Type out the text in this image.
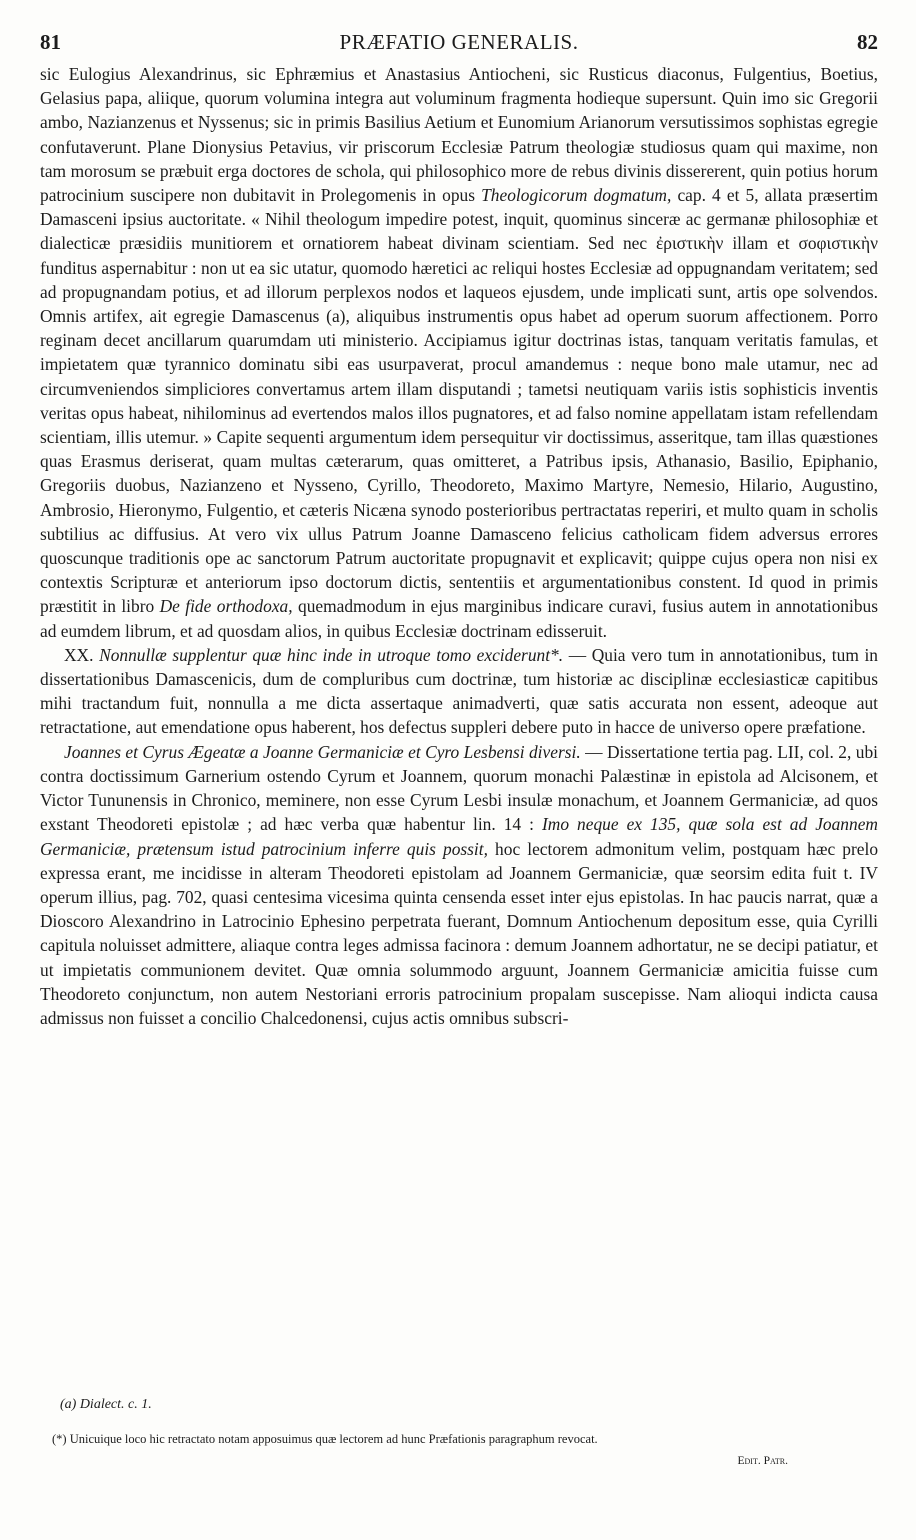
81	PRÆFATIO GENERALIS.	82

sic Eulogius Alexandrinus, sic Ephræmius et Anastasius Antiocheni, sic Rusticus diaconus, Fulgentius, Boetius, Gelasius papa, aliique, quorum volumina integra aut voluminum fragmenta hodieque supersunt. Quin imo sic Gregorii ambo, Nazianzenus et Nyssenus; sic in primis Basilius Aetium et Eunomium Arianorum versutissimos sophistas egregie confutaverunt. Plane Dionysius Petavius, vir priscorum Ecclesiæ Patrum theologiæ studiosus quam qui maxime, non tam morosum se præbuit erga doctores de schola, qui philosophico more de rebus divinis dissererent, quin potius horum patrocinium suscipere non dubitavit in Prolegomenis in opus Theologicorum dogmatum, cap. 4 et 5, allata præsertim Damasceni ipsius auctoritate. « Nihil theologum impedire potest, inquit, quominus sinceræ ac germanæ philosophiæ et dialecticæ præsidiis munitiorem et ornatiorem habeat divinam scientiam. Sed nec ἐριστικὴν illam et σοφιστικὴν funditus aspernabitur : non ut ea sic utatur, quomodo hæretici ac reliqui hostes Ecclesiæ ad oppugnandam veritatem; sed ad propugnandam potius, et ad illorum perplexos nodos et laqueos ejusdem, unde implicati sunt, artis ope solvendos. Omnis artifex, ait egregie Damascenus (a), aliquibus instrumentis opus habet ad operum suorum affectionem. Porro reginam decet ancillarum quarumdam uti ministerio. Accipiamus igitur doctrinas istas, tanquam veritatis famulas, et impietatem quæ tyrannico dominatu sibi eas usurpaverat, procul amandemus : neque bono male utamur, nec ad circumveniendos simpliciores convertamus artem illam disputandi ; tametsi neutiquam variis istis sophisticis inventis veritas opus habeat, nihilominus ad evertendos malos illos pugnatores, et ad falso nomine appellatam istam refellendam scientiam, illis utemur. » Capite sequenti argumentum idem persequitur vir doctissimus, asseritque, tam illas quæstiones quas Erasmus deriserat, quam multas cæterarum, quas omitteret, a Patribus ipsis, Athanasio, Basilio, Epiphanio, Gregoriis duobus, Nazianzeno et Nysseno, Cyrillo, Theodoreto, Maximo Martyre, Nemesio, Hilario, Augustino, Ambrosio, Hieronymo, Fulgentio, et cæteris Nicæna synodo posterioribus pertractatas reperiri, et multo quam in scholis subtilius ac diffusius. At vero vix ullus Patrum Joanne Damasceno felicius catholicam fidem adversus errores quoscunque traditionis ope ac sanctorum Patrum auctoritate propugnavit et explicavit; quippe cujus opera non nisi ex contextis Scripturæ et anteriorum ipso doctorum dictis, sententiis et argumentationibus constent. Id quod in primis præstitit in libro De fide orthodoxa, quemadmodum in ejus marginibus indicare curavi, fusius autem in annotationibus ad eumdem librum, et ad quosdam alios, in quibus Ecclesiæ doctrinam edisseruit.

XX. Nonnullæ supplentur quæ hinc inde in utroque tomo exciderunt*. — Quia vero tum in annotationibus, tum in dissertationibus Damascenicis, dum de compluribus cum doctrinæ, tum historiæ ac disciplinæ ecclesiasticæ capitibus mihi tractandum fuit, nonnulla a me dicta assertaque animadverti, quæ satis accurata non essent, adeoque aut retractatione, aut emendatione opus haberent, hos defectus suppleri debere puto in hacce de universo opere præfatione.

Joannes et Cyrus Ægeatæ a Joanne Germaniciæ et Cyro Lesbensi diversi. — Dissertatione tertia pag. LII, col. 2, ubi contra doctissimum Garnerium ostendo Cyrum et Joannem, quorum monachi Palæstinæ in epistola ad Alcisonem, et Victor Tununensis in Chronico, meminere, non esse Cyrum Lesbi insulæ monachum, et Joannem Germaniciæ, ad quos exstant Theodoreti epistolæ ; ad hæc verba quæ habentur lin. 14 : Imo neque ex 135, quæ sola est ad Joannem Germaniciæ, prætensum istud patrocinium inferre quis possit, hoc lectorem admonitum velim, postquam hæc prelo expressa erant, me incidisse in alteram Theodoreti epistolam ad Joannem Germaniciæ, quæ seorsim edita fuit t. IV operum illius, pag. 702, quasi centesima vicesima quinta censenda esset inter ejus epistolas. In hac paucis narrat, quæ a Dioscoro Alexandrino in Latrocinio Ephesino perpetrata fuerant, Domnum Antiochenum depositum esse, quia Cyrilli capitula noluisset admittere, aliaque contra leges admissa facinora : demum Joannem adhortatur, ne se decipi patiatur, et ut impietatis communionem devitet. Quæ omnia solummodo arguunt, Joannem Germaniciæ amicitia fuisse cum Theodoreto conjunctum, non autem Nestoriani erroris patrocinium propalam suscepisse. Nam alioqui indicta causa admissus non fuisset a concilio Chalcedonensi, cujus actis omnibus subscri-

(a) Dialect. c. 1.
(*) Unicuique loco hic retractato notam apposuimus quæ lectorem ad hunc Præfationis paragraphum revocat.
Edit. Patr.
